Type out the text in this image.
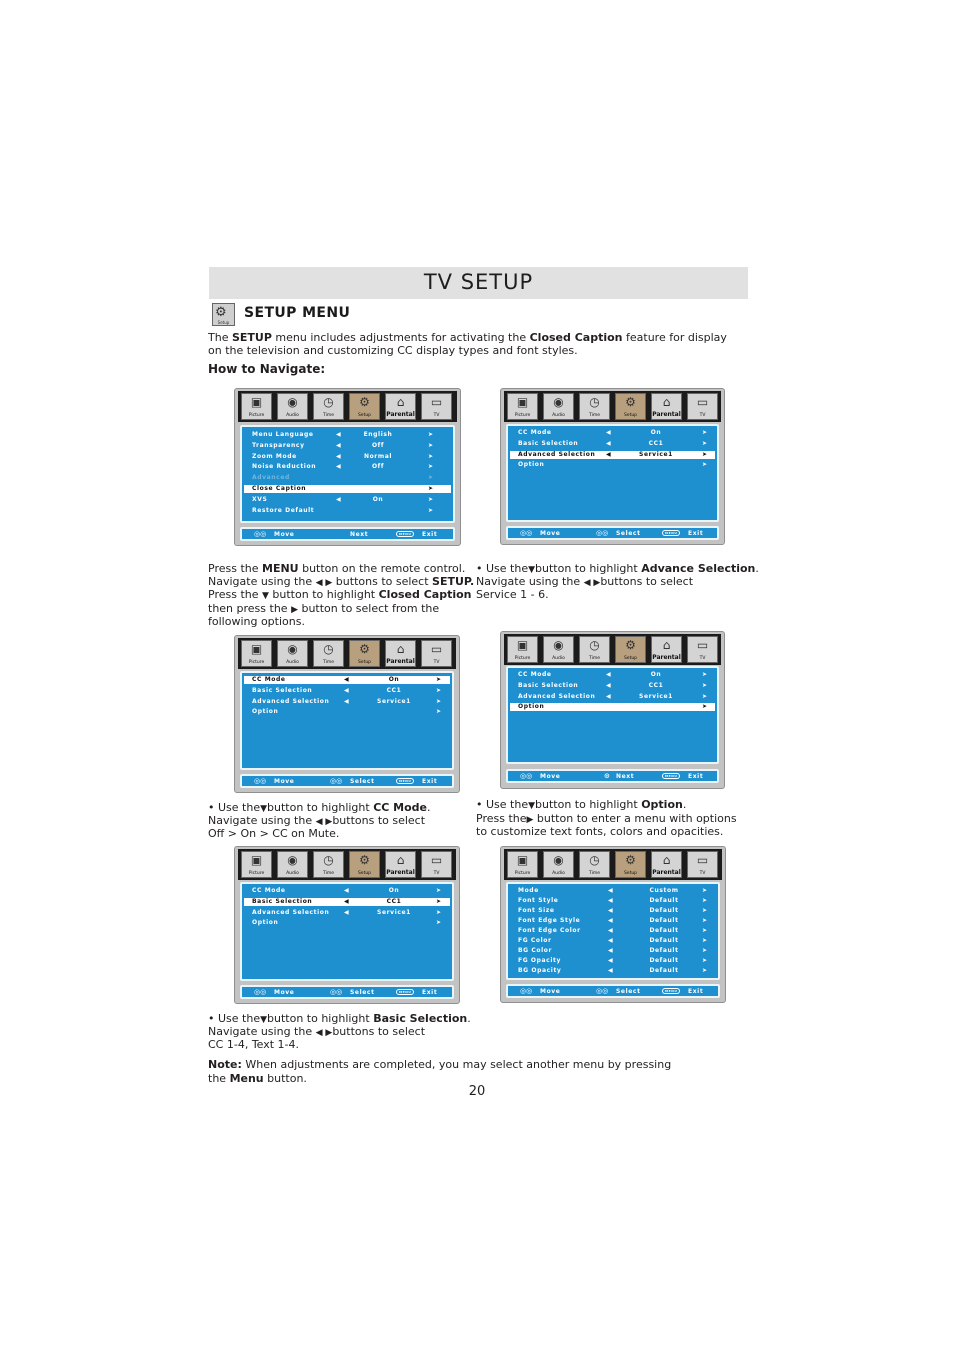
TV SETUP
⚙
Setup
SETUP MENU
The SETUP menu includes adjustments for activating the Closed Caption feature for display
on the television and customizing CC display types and font styles.
How to Navigate:
▣
Picture
◉
Audio
◷
Time
⚙
Setup
⌂
Parental
▭
TV
Menu Language	◀	English	➤
Transparency	◀	Off	➤
Zoom Mode	◀	Normal	➤
Noise Reduction	◀	Off	➤
Advanced	➤
Close Caption	➤
XVS	◀	On	➤
Restore Default	➤
◎◎ Move	Next	MENU	Exit
▣
Picture
◉
Audio
◷
Time
⚙
Setup
⌂
Parental
▭
TV
CC Mode	◀	On	➤
Basic Selection	◀	CC1	➤
Advanced Selection ◀	Service1	➤
Option	➤
◎◎ Move	◎◎ Select	MENU	Exit
Press the MENU button on the remote control.
Navigate using the ◀ ▶ buttons to select SETUP.
Press the ▼ button to highlight Closed Caption
then press the ▶ button to select from the
following options.
• Use the▼button to highlight Advance Selection.
Navigate using the ◀ ▶buttons to select
Service 1 - 6.
▣
Picture
◉
Audio
◷
Time
⚙
Setup
⌂
Parental
▭
TV
CC Mode	◀	On	➤
Basic Selection	◀	CC1	➤
Advanced Selection ◀	Service1	➤
Option	➤
◎◎ Move	◎◎ Select	MENU	Exit
▣
Picture
◉
Audio
◷
Time
⚙
Setup
⌂
Parental
▭
TV
CC Mode	◀	On	➤
Basic Selection	◀	CC1	➤
Advanced Selection ◀	Service1	➤
Option	➤
◎◎ Move	⊙ Next	MENU	Exit
• Use the▼button to highlight CC Mode.
Navigate using the ◀ ▶buttons to select
Off > On > CC on Mute.
• Use the▼button to highlight Option.
Press the▶ button to enter a menu with options
to customize text fonts, colors and opacities.
▣
Picture
◉
Audio
◷
Time
⚙
Setup
⌂
Parental
▭
TV
CC Mode	◀	On	➤
Basic Selection	◀	CC1	➤
Advanced Selection ◀	Service1	➤
Option	➤
◎◎ Move	◎◎ Select	MENU	Exit
▣
Picture
◉
Audio
◷
Time
⚙
Setup
⌂
Parental
▭
TV
Mode	◀	Custom	➤
Font Style	◀	Default	➤
Font Size	◀	Default	➤
Font Edge Style	◀	Default	➤
Font Edge Color	◀	Default	➤
FG Color	◀	Default	➤
BG Color	◀	Default	➤
FG Opacity	◀	Default	➤
BG Opacity	◀	Default	➤
◎◎ Move	◎◎ Select	MENU	Exit
• Use the▼button to highlight Basic Selection.
Navigate using the ◀ ▶buttons to select
CC 1-4, Text 1-4.
Note: When adjustments are completed, you may select another menu by pressing
the Menu button.
20
